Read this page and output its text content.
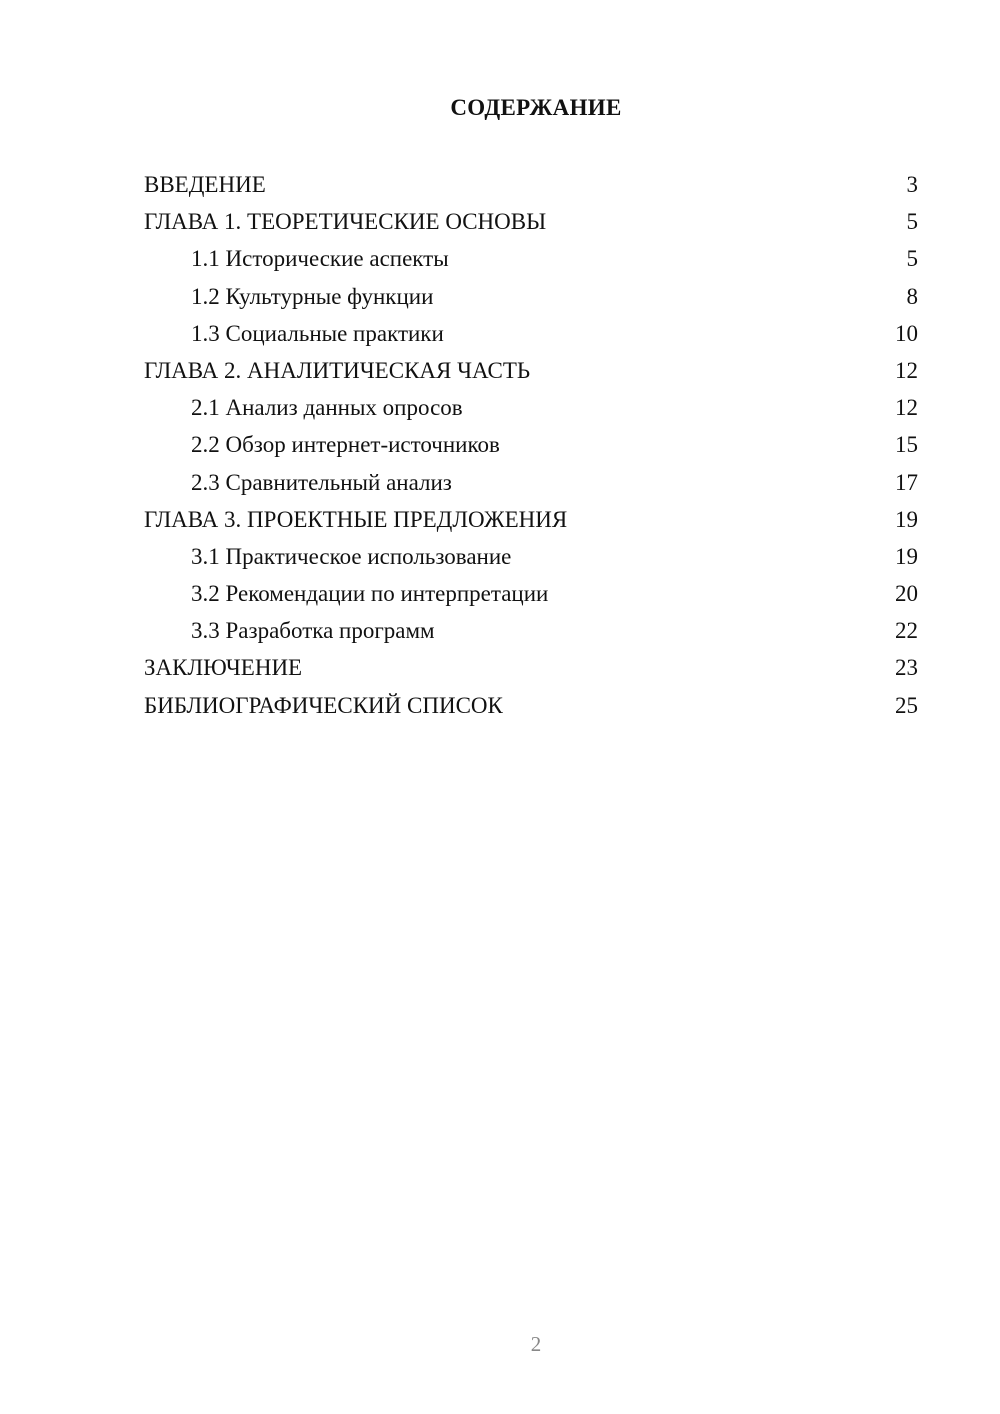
СОДЕРЖАНИЕ
ВВЕДЕНИЕ	3
ГЛАВА 1. ТЕОРЕТИЧЕСКИЕ ОСНОВЫ	5
1.1 Исторические аспекты	5
1.2 Культурные функции	8
1.3 Социальные практики	10
ГЛАВА 2. АНАЛИТИЧЕСКАЯ ЧАСТЬ	12
2.1 Анализ данных опросов	12
2.2 Обзор интернет-источников	15
2.3 Сравнительный анализ	17
ГЛАВА 3. ПРОЕКТНЫЕ ПРЕДЛОЖЕНИЯ	19
3.1 Практическое использование	19
3.2 Рекомендации по интерпретации	20
3.3 Разработка программ	22
ЗАКЛЮЧЕНИЕ	23
БИБЛИОГРАФИЧЕСКИЙ СПИСОК	25
2
